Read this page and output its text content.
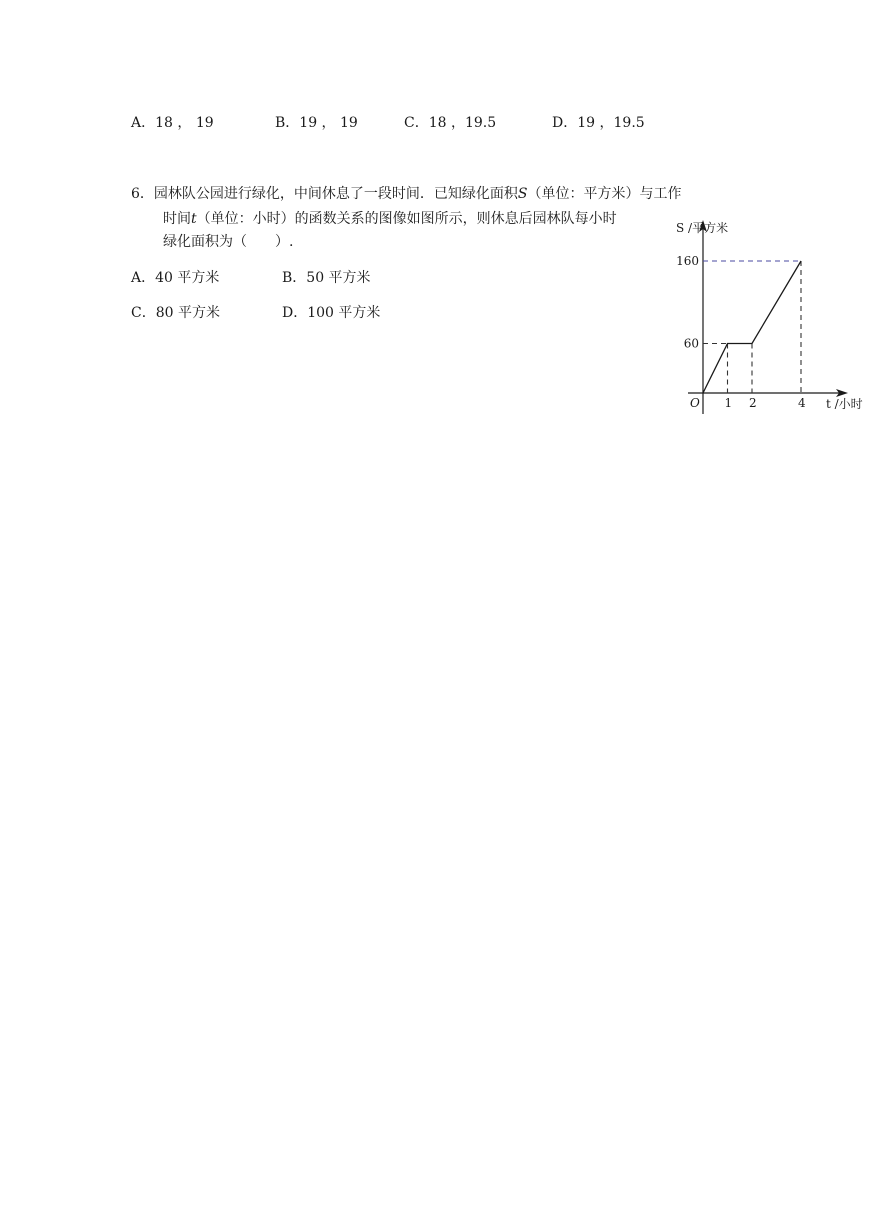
A．18 ， 19	B．19 ， 19	C．18 ，19.5	D．19 ，19.5
6．园林队公园进行绿化，中间休息了一段时间．已知绿化面积S（单位：平方米）与工作
时间t（单位：小时）的函数关系的图像如图所示，则休息后园林队每小时
绿化面积为（　　）.
A．40 平方米	B．50 平方米
C．80 平方米	D．100 平方米
S /平方米
t /小时
O 1 2	4
60
160
